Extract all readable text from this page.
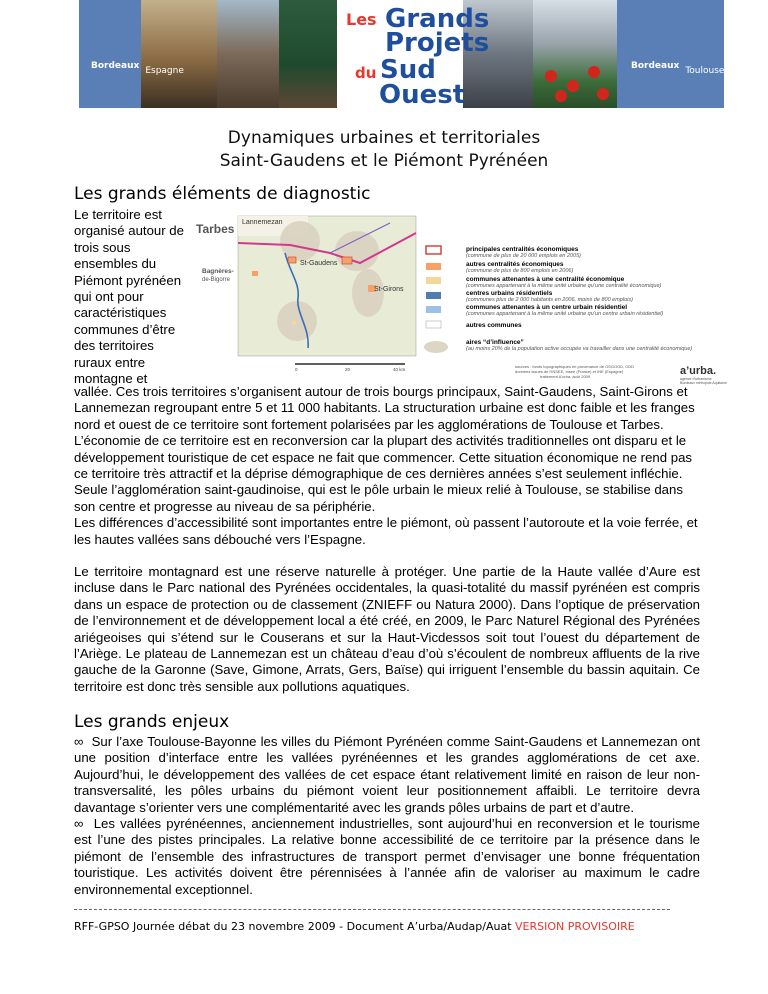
Bordeaux Espagne	Bordeaux Toulouse
Les Grands
Projets
du Sud
Ouest
Dynamiques urbaines et territoriales
Saint-Gaudens et le Piémont Pyrénéen
Les grands éléments de diagnostic
Le territoire est organisé autour de trois sous ensembles du Piémont pyrénéen qui ont pour caractéristiques communes d’être des territoires ruraux entre montagne et
Tarbes Lannemezan
St-Gaudens
Bagnères-
de-Bigorre
St-Girons
0	20	40 km
principales centralités économiques
(commune de plus de 20 000 emplois en 2005)
autres centralités économiques
(commune de plus de 800 emplois en 2006)
communes attenantes à une centralité économique
(communes appartenant à la même unité urbaine qu’une centralité économique)
centres urbains résidentiels
(communes plus de 2 000 habitants en 2006, moins de 800 emplois)
communes attenantes à un centre urbain résidentiel
(communes appartenant à la même unité urbaine qu’un centre urbain résidentiel)
autres communes
aires “d’influence”
(au moins 20% de la population active occupée va travailler dans une centralité économique)
sources : fonds topographiques en provenance de OSGOOD, ODD
données issues de l’INSEE, Insee (France) et INE (Espagne)
traitement A'urba, août 2009	a’urba.
agence d’urbanisme
Bordeaux métropole Aquitaine
vallée. Ces trois territoires s’organisent autour de trois bourgs principaux, Saint-Gaudens, Saint-Girons et Lannemezan regroupant entre 5 et 11 000 habitants. La structuration urbaine est donc faible et les franges nord et ouest de ce territoire sont fortement polarisées par les agglomérations de Toulouse et Tarbes. L’économie de ce territoire est en reconversion car la plupart des activités traditionnelles ont disparu et le développement touristique de cet espace ne fait que commencer. Cette situation économique ne rend pas ce territoire très attractif et la déprise démographique de ces dernières années s’est seulement infléchie. Seule l’agglomération saint-gaudinoise, qui est le pôle urbain le mieux relié à Toulouse, se stabilise dans son centre et progresse au niveau de sa périphérie.
Les différences d’accessibilité sont importantes entre le piémont, où passent l’autoroute et la voie ferrée, et les hautes vallées sans débouché vers l’Espagne.
Le territoire montagnard est une réserve naturelle à protéger. Une partie de la Haute vallée d’Aure est incluse dans le Parc national des Pyrénées occidentales, la quasi-totalité du massif pyrénéen est compris dans un espace de protection ou de classement (ZNIEFF ou Natura 2000). Dans l’optique de préservation de l’environnement et de développement local a été créé, en 2009, le Parc Naturel Régional des Pyrénées ariégeoises qui s’étend sur le Couserans et sur la Haut-Vicdessos soit tout l’ouest du département de l’Ariège. Le plateau de Lannemezan est un château d’eau d’où s’écoulent de nombreux affluents de la rive gauche de la Garonne (Save, Gimone, Arrats, Gers, Baïse) qui irriguent l’ensemble du bassin aquitain. Ce territoire est donc très sensible aux pollutions aquatiques.
Les grands enjeux
∞ Sur l’axe Toulouse-Bayonne les villes du Piémont Pyrénéen comme Saint-Gaudens et Lannemezan ont une position d’interface entre les vallées pyrénéennes et les grandes agglomérations de cet axe. Aujourd’hui, le développement des vallées de cet espace étant relativement limité en raison de leur non-transversalité, les pôles urbains du piémont voient leur positionnement affaibli. Le territoire devra davantage s’orienter vers une complémentarité avec les grands pôles urbains de part et d’autre.
∞ Les vallées pyrénéennes, anciennement industrielles, sont aujourd’hui en reconversion et le tourisme est l’une des pistes principales. La relative bonne accessibilité de ce territoire par la présence dans le piémont de l’ensemble des infrastructures de transport permet d’envisager une bonne fréquentation touristique. Les activités doivent être pérennisées à l’année afin de valoriser au maximum le cadre environnemental exceptionnel.
RFF-GPSO Journée débat du 23 novembre 2009 - Document A’urba/Audap/Auat VERSION PROVISOIRE
